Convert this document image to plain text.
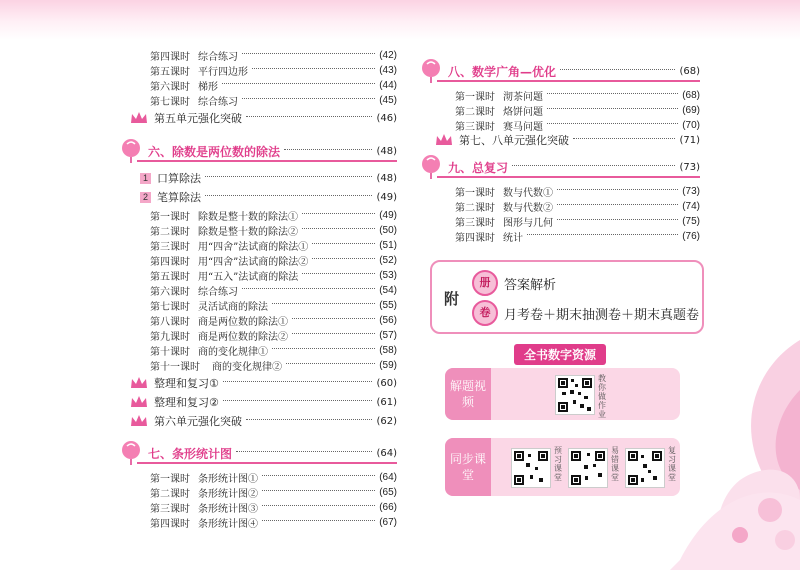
第四课时 综合练习	(42)
第五课时 平行四边形	(43)
第六课时 梯形	(44)
第七课时 综合练习	(45)
第五单元强化突破	(46)
六、除数是两位数的除法	(48)
1 口算除法	(48)
2 笔算除法	(49)
第一课时 除数是整十数的除法①	(49)
第二课时 除数是整十数的除法②	(50)
第三课时 用“四舍”法试商的除法①	(51)
第四课时 用“四舍”法试商的除法②	(52)
第五课时 用“五入”法试商的除法	(53)
第六课时 综合练习	(54)
第七课时 灵活试商的除法	(55)
第八课时 商是两位数的除法①	(56)
第九课时 商是两位数的除法②	(57)
第十课时 商的变化规律①	(58)
第十一课时	商的变化规律②	(59)
整理和复习①	(60)
整理和复习②	(61)
第六单元强化突破	(62)
七、条形统计图	(64)
第一课时 条形统计图①	(64)
第二课时 条形统计图②	(65)
第三课时 条形统计图③	(66)
第四课时 条形统计图④	(67)
八、数学广角—优化	(68)
第一课时 沏茶问题	(68)
第二课时 烙饼问题	(69)
第三课时 赛马问题	(70)
第七、八单元强化突破	(71)
九、总复习	(73)
第一课时 数与代数①	(73)
第二课时 数与代数②	(74)
第三课时 图形与几何	(75)
第四课时 统计	(76)
附
册	答案解析
卷	月考卷＋期末抽测卷＋期末真题卷
全书数字资源
解题视频
教你做作业
同步课堂
预习课堂
易错课堂
复习课堂
